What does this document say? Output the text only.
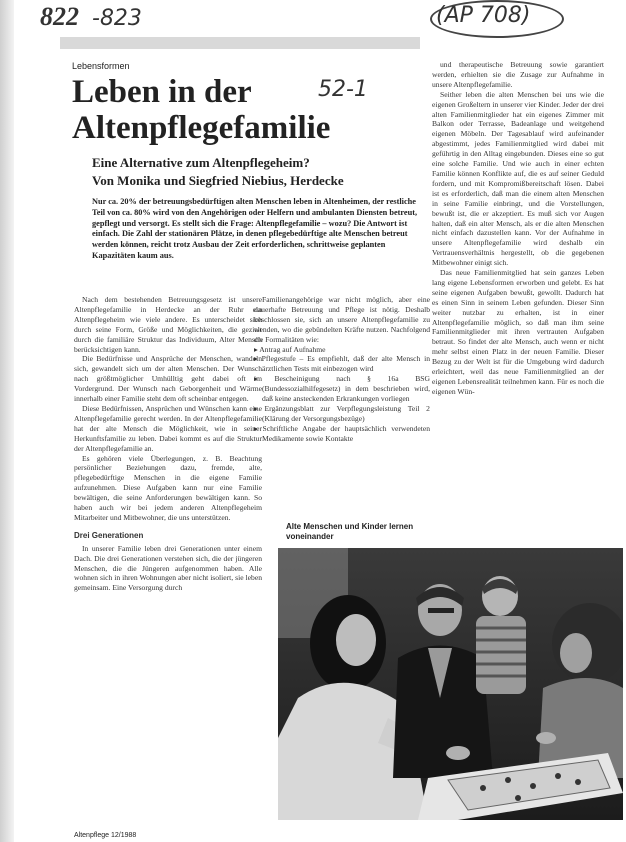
822 -823	(AP 708)
52-1
Lebensformen
Leben in der Altenpflegefamilie
Eine Alternative zum Altenpflegeheim?
Von Monika und Siegfried Niebius, Herdecke
Nur ca. 20% der betreuungsbedürftigen alten Menschen leben in Altenheimen, der restliche Teil von ca. 80% wird von den Angehörigen oder Helfern und ambulanten Diensten betreut, gepflegt und versorgt. Es stellt sich die Frage: Altenpflegefamilie – wozu? Die Antwort ist einfach. Die Zahl der stationären Plätze, in denen pflegebedürftige alte Menschen betreut werden können, reicht trotz Ausbau der Zeit erforderlichen, schrittweise geplanten Kapazitäten kaum aus.

Nach dem bestehenden Betreuungsgesetz ist unsere Altenpflegefamilie in Herdecke an der Ruhr ein Altenpflegeheim wie viele andere. Es unterscheidet sich durch seine Form, Größe und Möglichkeiten, die gezielt durch die familiäre Struktur das Individuum, Alter Mensch berücksichtigen kann.

Die Bedürfnisse und Ansprüche der Menschen, wandeln sich, gewandelt sich um der alten Menschen. Der Wunsch nach größtmöglicher Umhülltig geht dabei oft im Vordergrund. Der Wunsch nach Geborgenheit und Wärme innerhalb einer Familie steht dem oft scheinbar entgegen.

Diese Bedürfnissen, Ansprüchen und Wünschen kann eine Altenpflegefamilie gerecht werden. In der Altenpflegefamilie hat der alte Mensch die Möglichkeit, wie in seiner Herkunftsfamilie zu leben. Dabei kommt es auf die Struktur der Altenpflegefamilie an.

Es gehören viele Überlegungen, z. B. Beachtung persönlicher Beziehungen dazu, fremde, alte, pflegebedürftige Menschen in die eigene Familie aufzunehmen. Diese Aufgaben kann nur eine Familie bewältigen, die seine Anforderungen bewältigen kann. So haben auch wir bei jedem anderen Altenpflegeheim Mitarbeiter und Mitbewohner, die uns unterstützen.

Drei Generationen

In unserer Familie leben drei Generationen unter einem Dach. Die drei Generationen verstehen sich, die der jüngeren Menschen, die die Jüngeren aufgenommen haben. Alle wohnen sich in ihren Wohnungen aber nicht isoliert, sie leben gemeinsam. Eine Versorgung durch

Familienangehörige war nicht möglich, aber eine dauerhafte Betreuung und Pflege ist nötig. Deshalb beschlossen sie, sich an unsere Altenpflegefamilie zu wenden, wo die gebündelten Kräfte nutzen. Nachfolgend die Formalitäten wie:

▸ Antrag auf Aufnahme
▸ Pflegestufe – Es empfiehlt, daß der alte Mensch in ärztlichen Tests mit einbezogen wird
▸ Bescheinigung nach § 16a BSG (Bundessozialhilfegesetz) in dem beschrieben wird, daß keine ansteckenden Erkrankungen vorliegen
▸ Ergänzungsblatt zur Verpflegungsleistung Teil 2 (Klärung der Versorgungsbezüge)
▸ Schriftliche Angabe der hauptsächlich verwendeten Medikamente sowie Kontakte

und therapeutische Betreuung sowie garantiert werden, erhielten sie die Zusage zur Aufnahme in unsere Altenpflegefamilie.

Seither leben die alten Menschen bei uns wie die eigenen Großeltern in unserer vier Kinder. Jeder der drei alten Familienmitglieder hat ein eigenes Zimmer mit Balkon oder Terrasse, Badeanlage und weitgehend eigenen Möbeln. Der Tagesablauf wird aufeinander abgestimmt, jedes Familienmitglied wird dabei mit geführtig in den Alltag eingebunden. Dieses eine so gut eine solche Familie. Und wie auch in einer echten Familie können Konflikte auf, die es auf seiner Geduld fordern, und mit Kompromißbereitschaft lösen. Dabei ist es erforderlich, daß man die einem alten Menschen in seine Familie einbringt, und die Vorstellungen, bewußt ist, die er akzeptiert. Es muß sich vor Augen halten, daß ein alter Mensch, als er die alten Menschen nicht einfach dazustellen kann. Vor der Aufnahme in unsere Altenpflegefamilie wird deshalb ein Vertrauensverhältnis hergestellt, ob die gegebenen Mitbewohner einigt sich.

Das neue Familienmitglied hat sein ganzes Leben lang eigene Lebensformen erworben und gelebt. Es hat seine eigenen Aufgaben bewußt, gewollt. Dadurch hat es einen Sinn in seinem Leben gefunden. Dieser Sinn weiter nutzbar zu erhalten, ist in einer Altenpflegefamilie möglich, so daß man ihm seine Familienmitglieder mit ihren vertrauten Aufgaben betraut. So findet der alte Mensch, auch wenn er nicht mehr selbst einen Platz in der neuen Familie. Dieser Bezug zu der Welt ist für die Umgebung wird dadurch erleichtert, weil das neue Familienmitglied an der eigenen Lebensrealität teilnehmen kann. Für es noch die eigenen Wün-

Alte Menschen und Kinder lernen voneinander
Altenpflege 12/1988
